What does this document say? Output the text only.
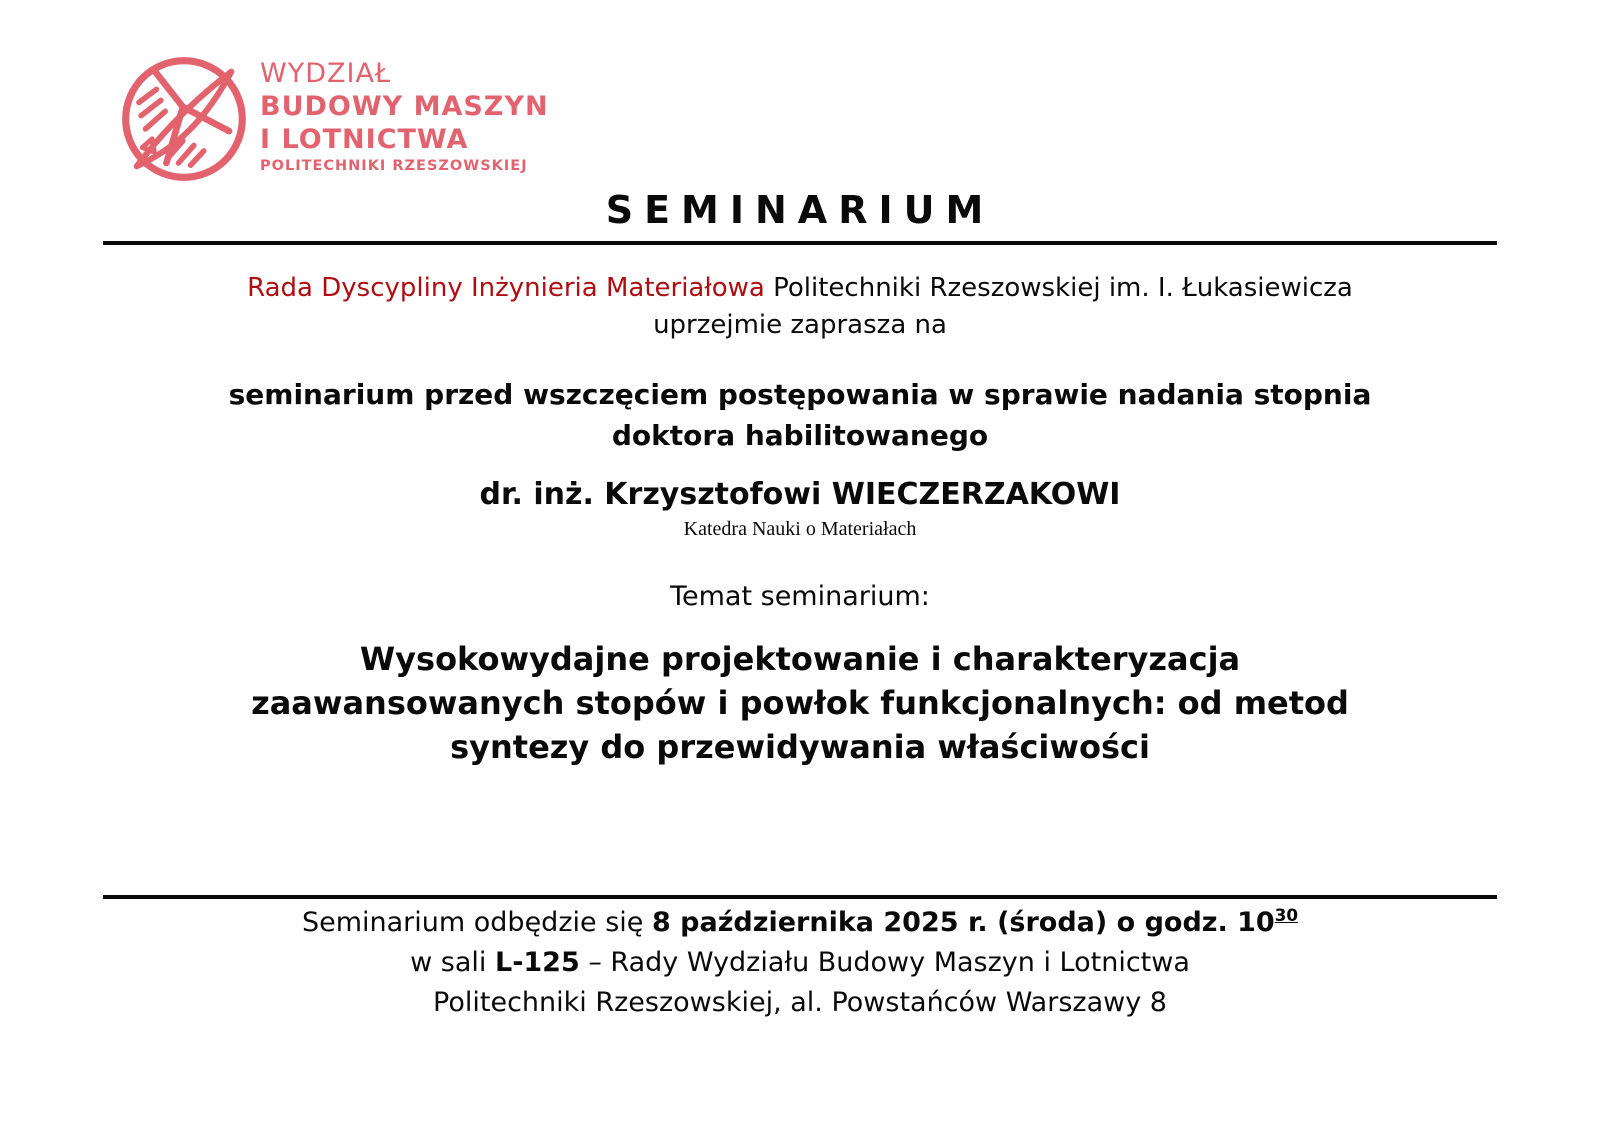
WYDZIAŁ
BUDOWY MASZYN
I LOTNICTWA
POLITECHNIKI RZESZOWSKIEJ
SEMINARIUM
Rada Dyscypliny Inżynieria Materiałowa Politechniki Rzeszowskiej im. I. Łukasiewicza
uprzejmie zaprasza na
seminarium przed wszczęciem postępowania w sprawie nadania stopnia
doktora habilitowanego
dr. inż. Krzysztofowi WIECZERZAKOWI
Katedra Nauki o Materiałach
Temat seminarium:
Wysokowydajne projektowanie i charakteryzacja
zaawansowanych stopów i powłok funkcjonalnych: od metod
syntezy do przewidywania właściwości
Seminarium odbędzie się 8 października 2025 r. (środa) o godz. $10^{30}$
w sali L-125 – Rady Wydziału Budowy Maszyn i Lotnictwa
Politechniki Rzeszowskiej, al. Powstańców Warszawy 8
